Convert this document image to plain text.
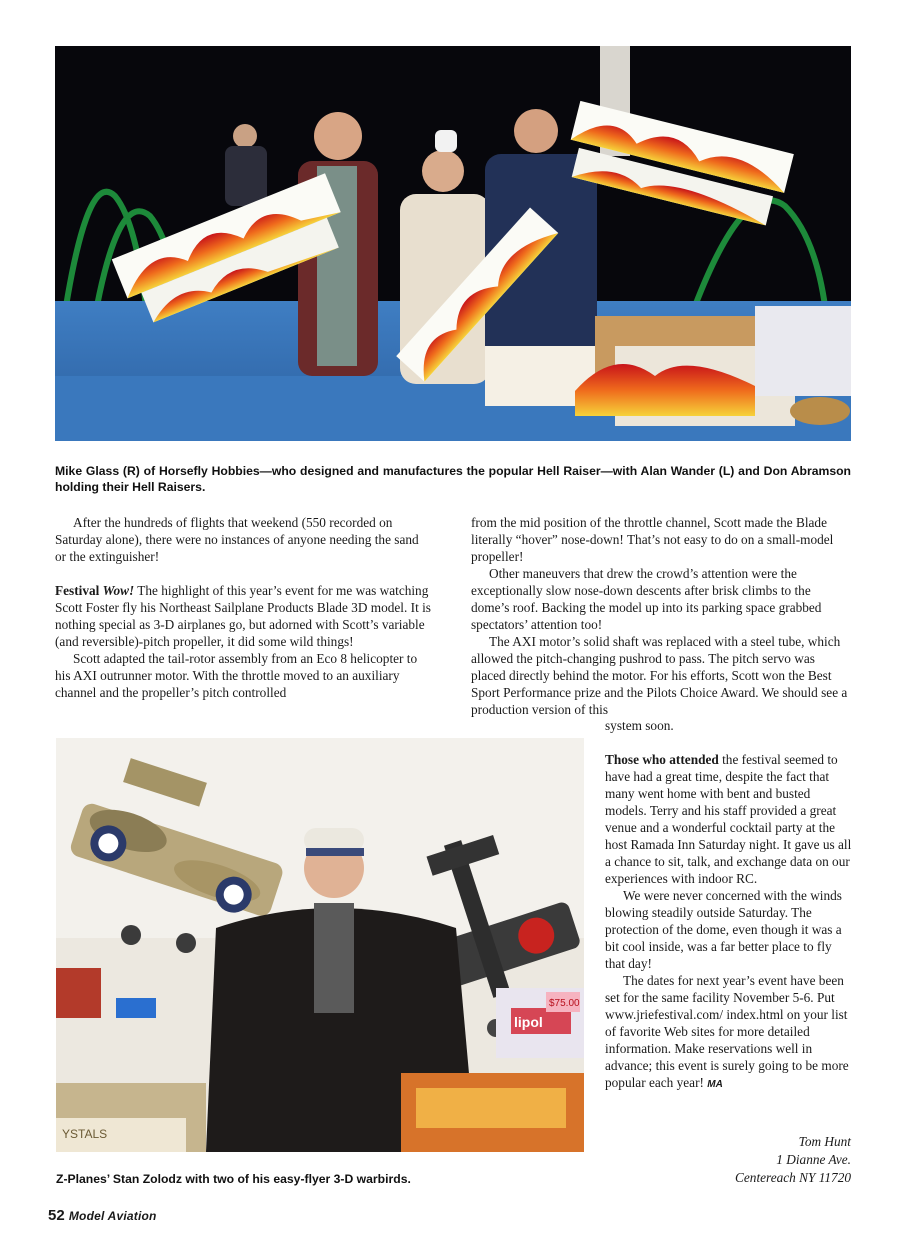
Mike Glass (R) of Horsefly Hobbies—who designed and manufactures the popular Hell Raiser—with Alan Wander (L) and Don Abramson holding their Hell Raisers.

After the hundreds of flights that weekend (550 recorded on Saturday alone), there were no instances of anyone needing the sand or the extinguisher!

Festival Wow! The highlight of this year’s event for me was watching Scott Foster fly his Northeast Sailplane Products Blade 3D model. It is nothing special as 3-D airplanes go, but adorned with Scott’s variable (and reversible)-pitch propeller, it did some wild things!

Scott adapted the tail-rotor assembly from an Eco 8 helicopter to his AXI outrunner motor. With the throttle moved to an auxiliary channel and the propeller’s pitch controlled

from the mid position of the throttle channel, Scott made the Blade literally “hover” nose-down! That’s not easy to do on a small-model propeller!

Other maneuvers that drew the crowd’s attention were the exceptionally slow nose-down descents after brisk climbs to the dome’s roof. Backing the model up into its parking space grabbed spectators’ attention too!

The AXI motor’s solid shaft was replaced with a steel tube, which allowed the pitch-changing pushrod to pass. The pitch servo was placed directly behind the motor. For his efforts, Scott won the Best Sport Performance prize and the Pilots Choice Award. We should see a production version of this

lipol
$75.00
YSTALS

system soon.

Those who attended the festival seemed to have had a great time, despite the fact that many went home with bent and busted models. Terry and his staff provided a great venue and a wonderful cocktail party at the host Ramada Inn Saturday night. It gave us all a chance to sit, talk, and exchange data on our experiences with indoor RC.

We were never concerned with the winds blowing steadily outside Saturday. The protection of the dome, even though it was a bit cool inside, was a far better place to fly that day!

The dates for next year’s event have been set for the same facility November 5-6. Put www.jriefestival.com/ index.html on your list of favorite Web sites for more detailed information. Make reservations well in advance; this event is surely going to be more popular each year! MA

Tom Hunt
1 Dianne Ave.
Centereach NY 11720
Z-Planes’ Stan Zolodz with two of his easy-flyer 3-D warbirds.
52 Model Aviation
